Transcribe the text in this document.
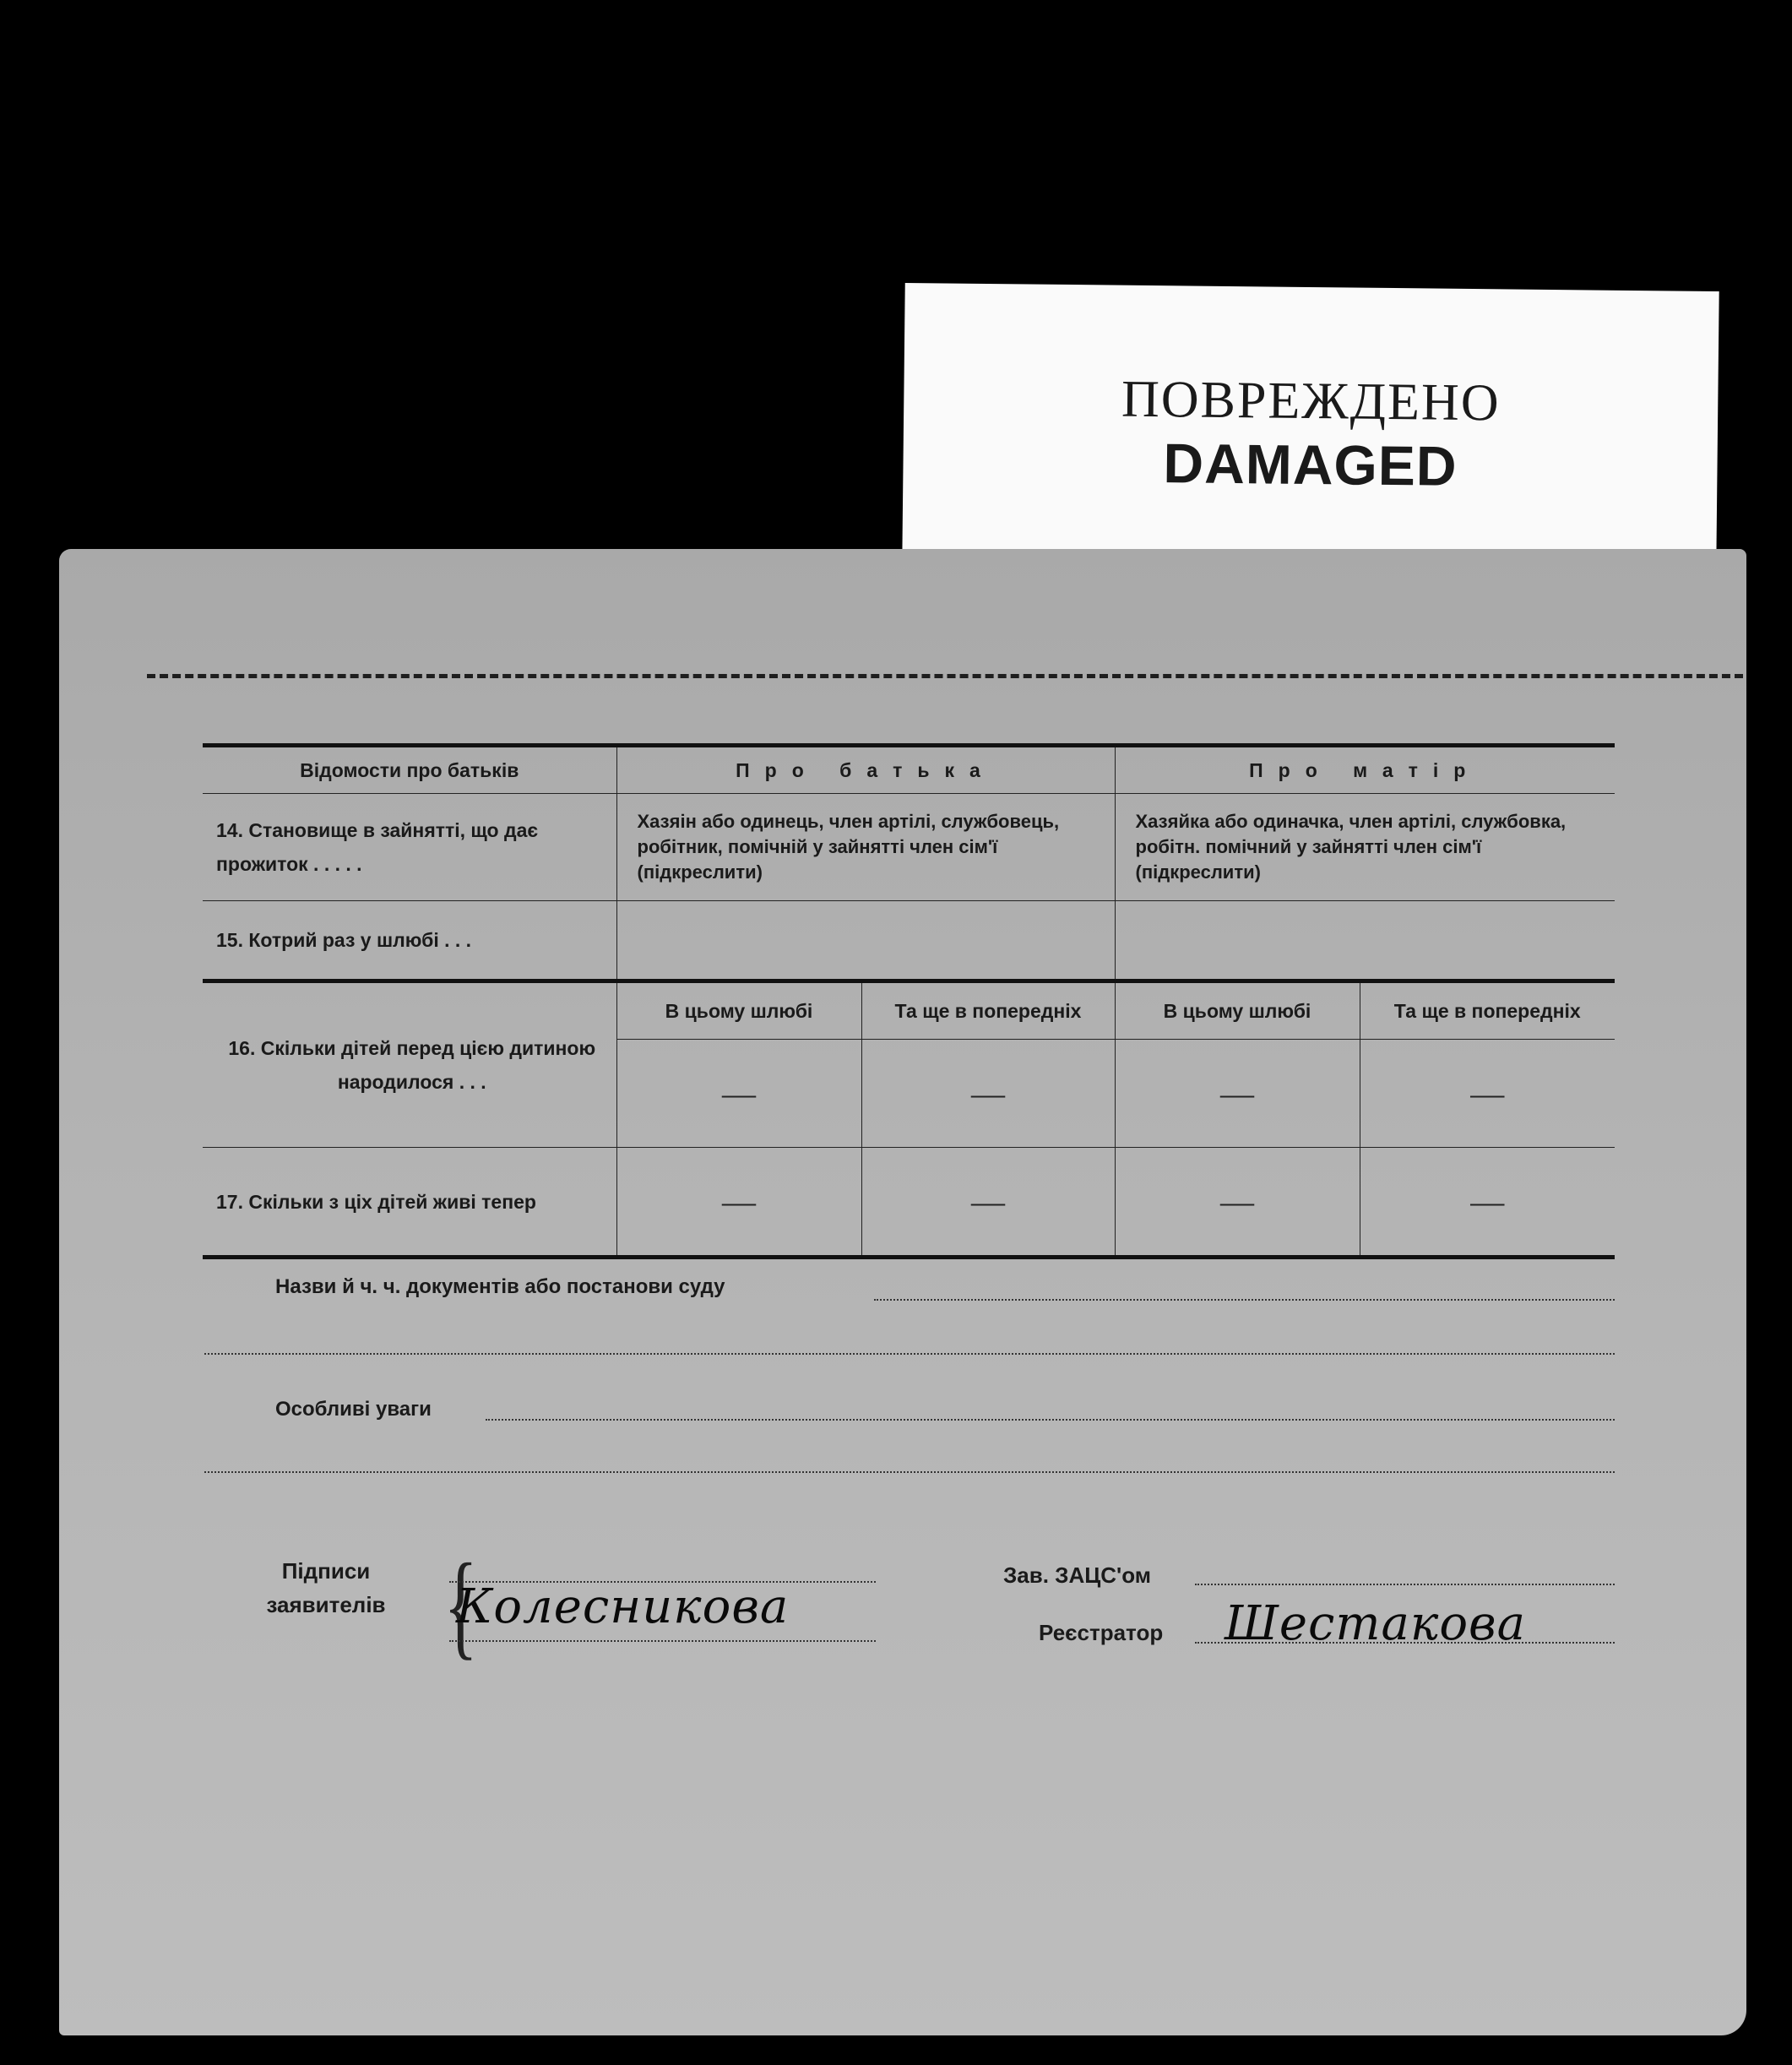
ПОВРЕЖДЕНО
DAMAGED
Відомости про батьків	Про батька		Про матір	
14. Становище в зайнятті, що дає прожиток . . . . .	Хазяін або одинець, член артілі, службовець, робітник, помічній у зайнятті член сім'ї (підкреслити)		Хазяйка або одиначка, член артілі, службовка, робітн. помічний у зайнятті член сім'ї (підкреслити)	
15. Котрий раз у шлюбі . . .				
16. Скільки дітей перед цією дитиною народилося . . .	В цьому шлюбі	Та ще в попередніх	В цьому шлюбі	Та ще в попередніх
	—	—	—	—
17. Скільки з ціх дітей живі тепер	—	—	—	—
Назви й ч. ч. документів або постанови суду
Особливі уваги
Підписи
заявителів {
Колесникова
Зав. ЗАЦС'ом
Реєстратор Шестакова
